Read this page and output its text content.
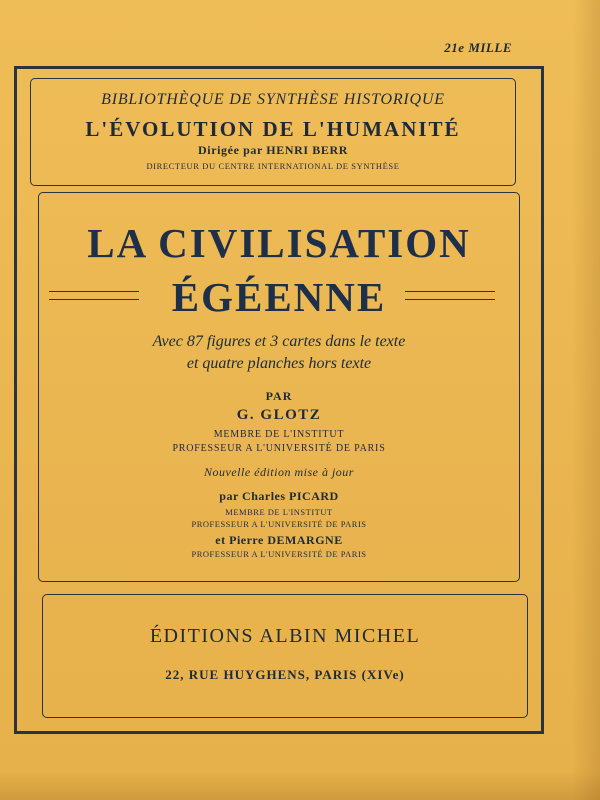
21e MILLE
BIBLIOTHÈQUE DE SYNTHÈSE HISTORIQUE
L'ÉVOLUTION DE L'HUMANITÉ
Dirigée par HENRI BERR
DIRECTEUR DU CENTRE INTERNATIONAL DE SYNTHÈSE
LA CIVILISATION
ÉGÉENNE
Avec 87 figures et 3 cartes dans le texte
et quatre planches hors texte
PAR
G. GLOTZ
MEMBRE DE L'INSTITUT
PROFESSEUR A L'UNIVERSITÉ DE PARIS
Nouvelle édition mise à jour
par Charles PICARD
MEMBRE DE L'INSTITUT
PROFESSEUR A L'UNIVERSITÉ DE PARIS
et Pierre DEMARGNE
PROFESSEUR A L'UNIVERSITÉ DE PARIS
ÉDITIONS ALBIN MICHEL
22, RUE HUYGHENS, PARIS (XIVe)
